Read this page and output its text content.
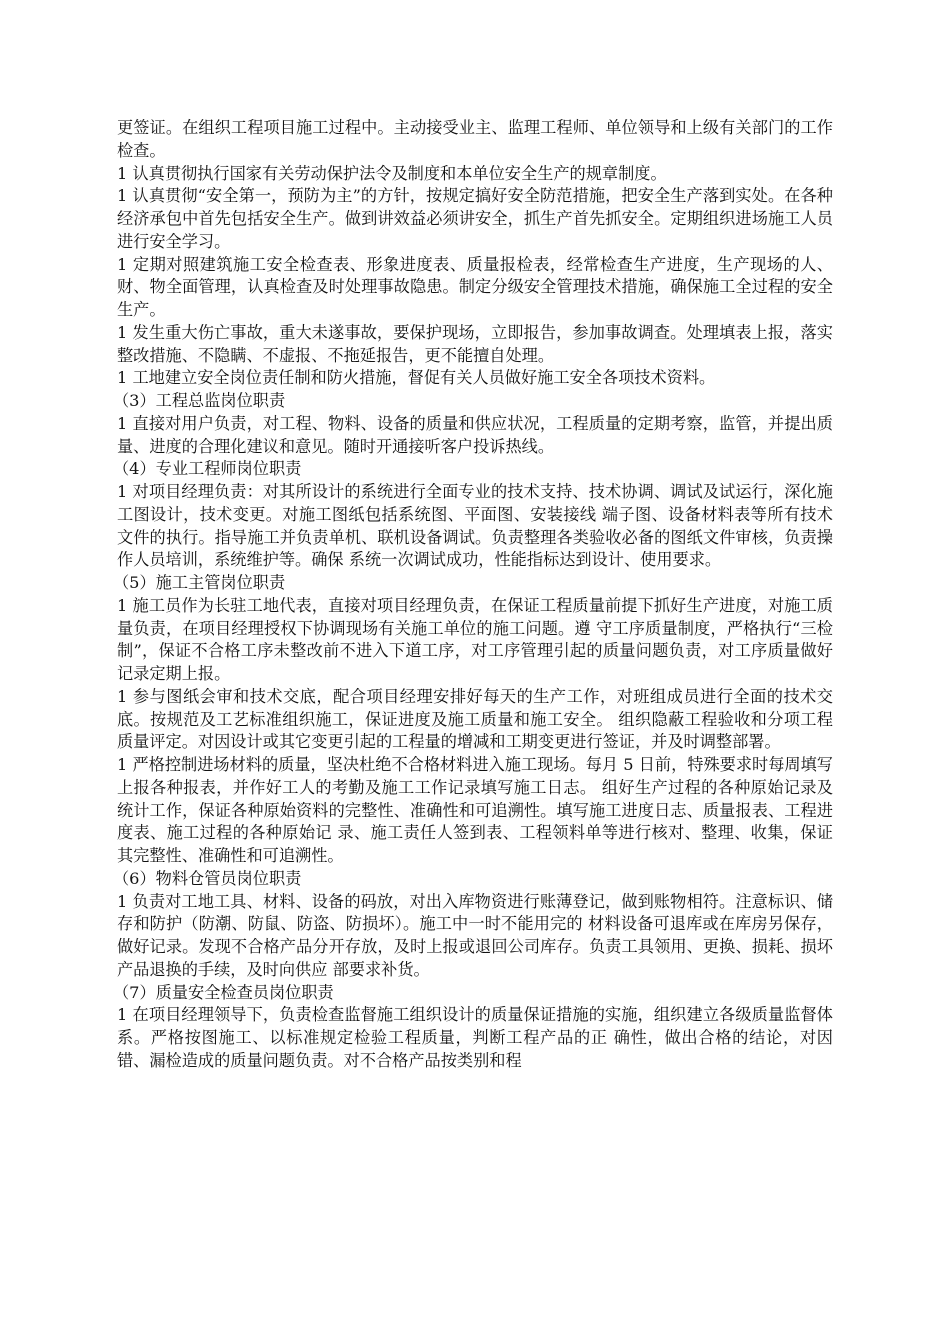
更签证。在组织工程项目施工过程中。主动接受业主、监理工程师、单位领导和上级有关部门的工作检查。

1 认真贯彻执行国家有关劳动保护法令及制度和本单位安全生产的规章制度。

1 认真贯彻“安全第一，预防为主”的方针，按规定搞好安全防范措施，把安全生产落到实处。在各种经济承包中首先包括安全生产。做到讲效益必须讲安全，抓生产首先抓安全。定期组织进场施工人员进行安全学习。

1 定期对照建筑施工安全检查表、形象进度表、质量报检表，经常检查生产进度，生产现场的人、财、物全面管理，认真检查及时处理事故隐患。制定分级安全管理技术措施，确保施工全过程的安全生产。

1 发生重大伤亡事故，重大未遂事故，要保护现场，立即报告，参加事故调查。处理填表上报，落实整改措施、不隐瞒、不虚报、不拖延报告，更不能擅自处理。

1 工地建立安全岗位责任制和防火措施，督促有关人员做好施工安全各项技术资料。

（3）工程总监岗位职责

1 直接对用户负责，对工程、物料、设备的质量和供应状况，工程质量的定期考察，监管，并提出质量、进度的合理化建议和意见。随时开通接听客户投诉热线。

（4）专业工程师岗位职责

1 对项目经理负责：对其所设计的系统进行全面专业的技术支持、技术协调、调试及试运行，深化施工图设计，技术变更。对施工图纸包括系统图、平面图、安装接线 端子图、设备材料表等所有技术文件的执行。指导施工并负责单机、联机设备调试。负责整理各类验收必备的图纸文件审核，负责操作人员培训，系统维护等。确保 系统一次调试成功，性能指标达到设计、使用要求。

（5）施工主管岗位职责

1 施工员作为长驻工地代表，直接对项目经理负责，在保证工程质量前提下抓好生产进度，对施工质量负责，在项目经理授权下协调现场有关施工单位的施工问题。遵 守工序质量制度，严格执行“三检制”，保证不合格工序未整改前不进入下道工序，对工序管理引起的质量问题负责，对工序质量做好记录定期上报。

1 参与图纸会审和技术交底，配合项目经理安排好每天的生产工作，对班组成员进行全面的技术交底。按规范及工艺标准组织施工，保证进度及施工质量和施工安全。 组织隐蔽工程验收和分项工程质量评定。对因设计或其它变更引起的工程量的增减和工期变更进行签证，并及时调整部署。

1 严格控制进场材料的质量，坚决杜绝不合格材料进入施工现场。每月 5 日前，特殊要求时每周填写上报各种报表，并作好工人的考勤及施工工作记录填写施工日志。 组好生产过程的各种原始记录及统计工作，保证各种原始资料的完整性、准确性和可追溯性。填写施工进度日志、质量报表、工程进度表、施工过程的各种原始记 录、施工责任人签到表、工程领料单等进行核对、整理、收集，保证其完整性、准确性和可追溯性。

（6）物料仓管员岗位职责

1 负责对工地工具、材料、设备的码放，对出入库物资进行账薄登记，做到账物相符。注意标识、储存和防护（防潮、防鼠、防盗、防损坏）。施工中一时不能用完的 材料设备可退库或在库房另保存，做好记录。发现不合格产品分开存放，及时上报或退回公司库存。负责工具领用、更换、损耗、损坏产品退换的手续，及时向供应 部要求补货。

（7）质量安全检查员岗位职责

1 在项目经理领导下，负责检查监督施工组织设计的质量保证措施的实施，组织建立各级质量监督体系。严格按图施工、以标准规定检验工程质量，判断工程产品的正 确性，做出合格的结论，对因错、漏检造成的质量问题负责。对不合格产品按类别和程
